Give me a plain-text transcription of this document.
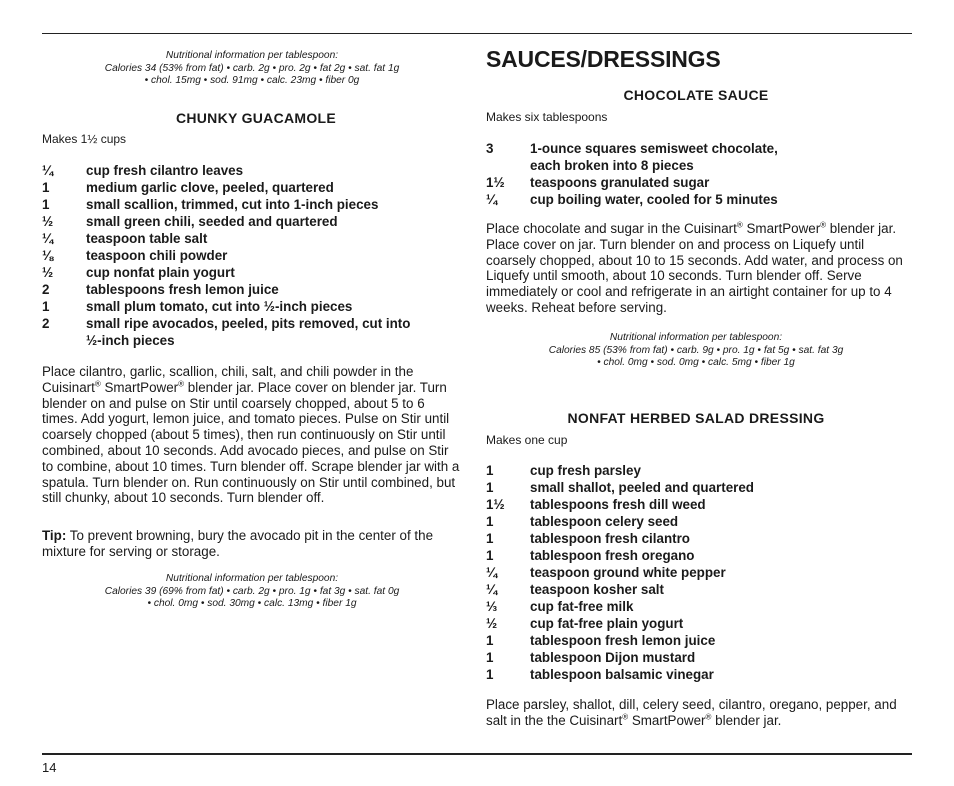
Nutritional information per tablespoon:
Calories 34 (53% from fat) • carb. 2g • pro. 2g • fat 2g • sat. fat 1g
• chol. 15mg • sod. 91mg • calc. 23mg • fiber 0g
CHUNKY GUACAMOLE
Makes 1½ cups
¼	cup fresh cilantro leaves
1	medium garlic clove, peeled, quartered
1	small scallion, trimmed, cut into 1-inch pieces
½	small green chili, seeded and quartered
¼	teaspoon table salt
⅛	teaspoon chili powder
½	cup nonfat plain yogurt
2	tablespoons fresh lemon juice
1	small plum tomato, cut into ½-inch pieces
2	small ripe avocados, peeled, pits removed, cut into
½-inch pieces
Place cilantro, garlic, scallion, chili, salt, and chili powder in the Cuisinart® SmartPower® blender jar. Place cover on blender jar. Turn blender on and pulse on Stir until coarsely chopped, about 5 to 6 times. Add yogurt, lemon juice, and tomato pieces. Pulse on Stir until coarsely chopped (about 5 times), then run continuously on Stir until combined, about 10 seconds. Add avocado pieces, and pulse on Stir to combine, about 10 times. Turn blender off. Scrape blender jar with a spatula. Turn blender on. Run continuously on Stir until combined, but still chunky, about 10 seconds. Turn blender off.
Tip: To prevent browning, bury the avocado pit in the center of the mixture for serving or storage.
Nutritional information per tablespoon:
Calories 39 (69% from fat) • carb. 2g • pro. 1g • fat 3g • sat. fat 0g
• chol. 0mg • sod. 30mg • calc. 13mg • fiber 1g
SAUCES/DRESSINGS
CHOCOLATE SAUCE
Makes six tablespoons
3	1-ounce squares semisweet chocolate,
each broken into 8 pieces
1½	teaspoons granulated sugar
¼	cup boiling water, cooled for 5 minutes
Place chocolate and sugar in the Cuisinart® SmartPower® blender jar. Place cover on jar. Turn blender on and process on Liquefy until coarsely chopped, about 10 to 15 seconds. Add water, and process on Liquefy until smooth, about 10 seconds. Turn blender off. Serve immediately or cool and refrigerate in an airtight container for up to 4 weeks. Reheat before serving.
Nutritional information per tablespoon:
Calories 85 (53% from fat) • carb. 9g • pro. 1g • fat 5g • sat. fat 3g
• chol. 0mg • sod. 0mg • calc. 5mg • fiber 1g
NONFAT HERBED SALAD DRESSING
Makes one cup
1	cup fresh parsley
1	small shallot, peeled and quartered
1½	tablespoons fresh dill weed
1	tablespoon celery seed
1	tablespoon fresh cilantro
1	tablespoon fresh oregano
¼	teaspoon ground white pepper
¼	teaspoon kosher salt
⅓	cup fat-free milk
½	cup fat-free plain yogurt
1	tablespoon fresh lemon juice
1	tablespoon Dijon mustard
1	tablespoon balsamic vinegar
Place parsley, shallot, dill, celery seed, cilantro, oregano, pepper, and salt in the the Cuisinart® SmartPower® blender jar.
14
